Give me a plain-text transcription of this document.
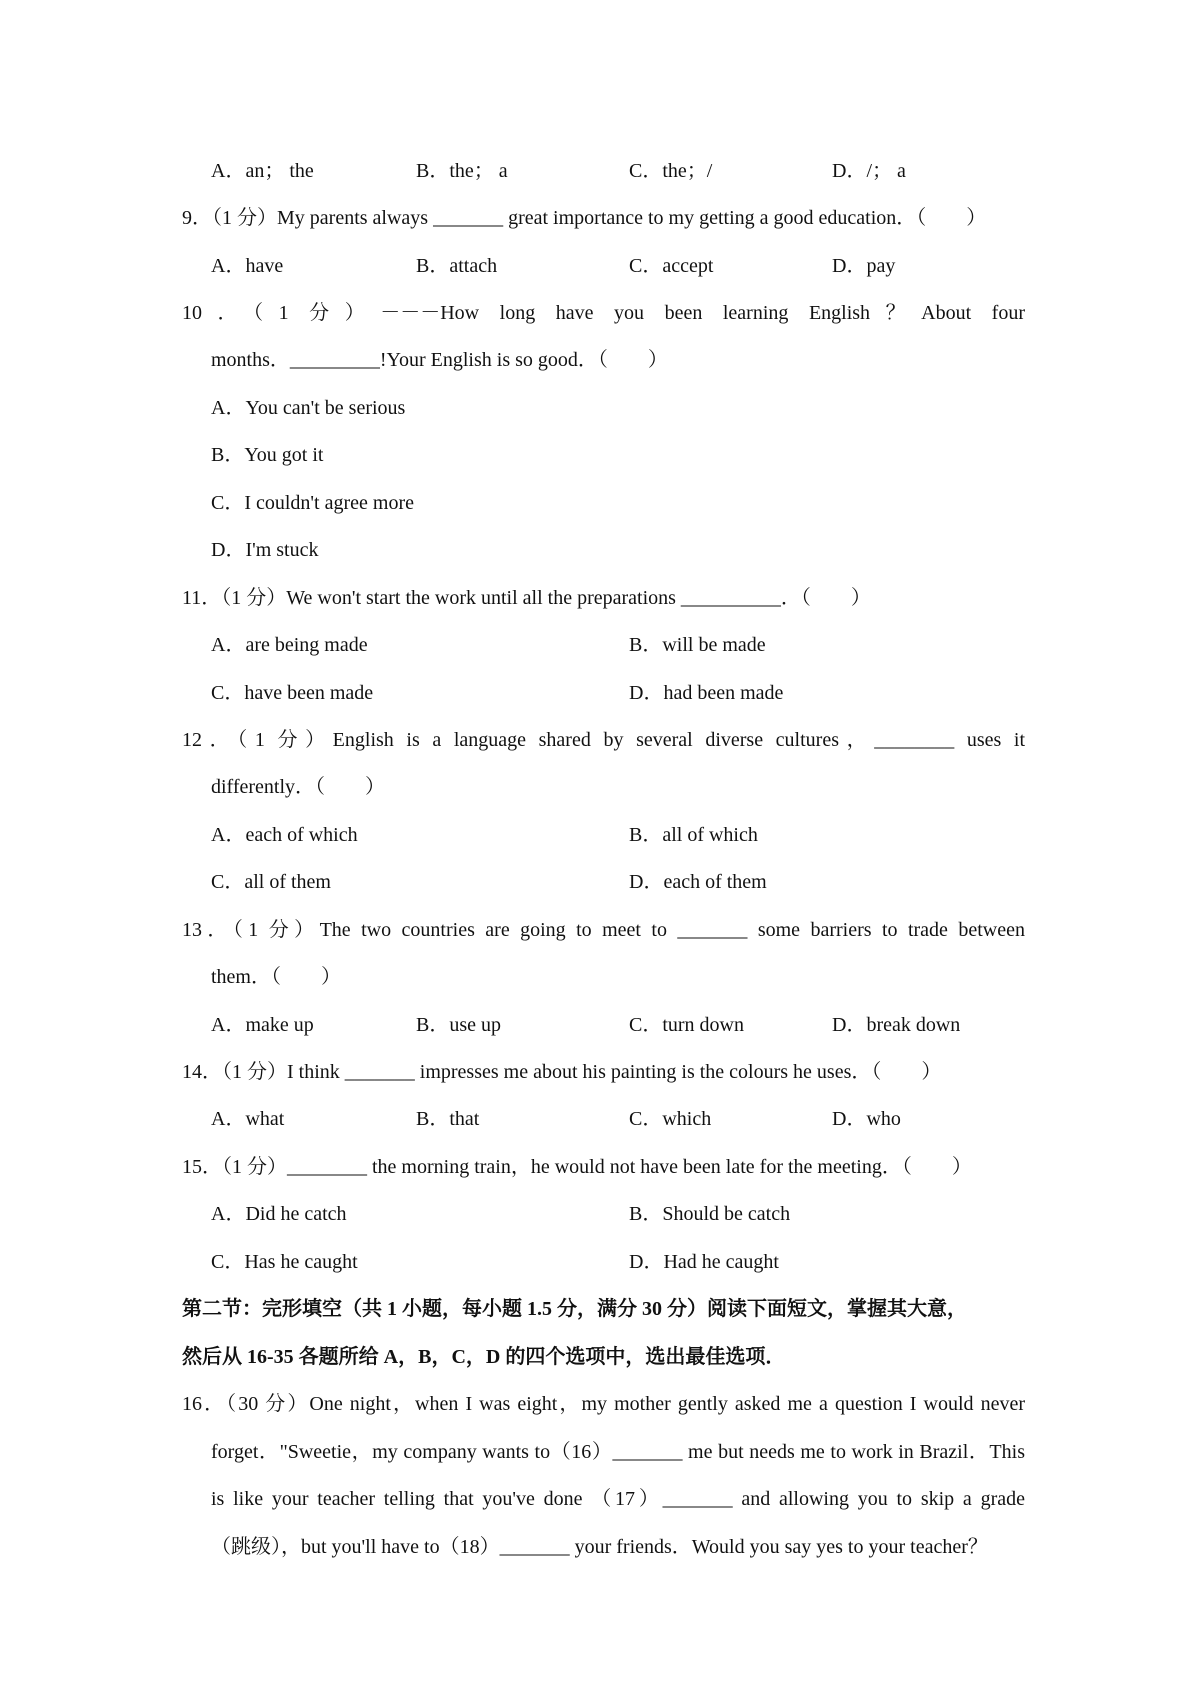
A．an； the	B．the； a	C．the；/	D．/； a
9．（1 分）My parents always _______ great importance to my getting a good education．（　　）
A．have	B．attach	C．accept	D．pay
10．（1 分）－－－How long have you been learning English？About four
months．_________!Your English is so good．（　　）
A．You can't be serious
B．You got it
C．I couldn't agree more
D．I'm stuck
11．（1 分）We won't start the work until all the preparations __________．（　　）
A．are being made	B．will be made
C．have been made	D．had been made
12．（1 分）English is a language shared by several diverse cultures，________ uses it
differently．（　　）
A．each of which	B．all of which
C．all of them	D．each of them
13．（1 分）The two countries are going to meet to _______ some barriers to trade between
them．（　　）
A．make up	B．use up	C．turn down	D．break down
14．（1 分）I think _______ impresses me about his painting is the colours he uses．（　　）
A．what	B．that	C．which	D．who
15．（1 分）________ the morning train，he would not have been late for the meeting．（　　）
A．Did he catch	B．Should be catch
C．Has he caught	D．Had he caught
第二节：完形填空（共 1 小题，每小题 1.5 分，满分 30 分）阅读下面短文，掌握其大意，
然后从 16-35 各题所给 A，B，C，D 的四个选项中，选出最佳选项．
16．（30 分）One night，when I was eight，my mother gently asked me a question I would never
forget．"Sweetie，my company wants to（16）_______ me but needs me to work in Brazil．This
is like your teacher telling that you've done （17）_______ and allowing you to skip a grade
（跳级），but you'll have to（18）_______ your friends．Would you say yes to your teacher？
